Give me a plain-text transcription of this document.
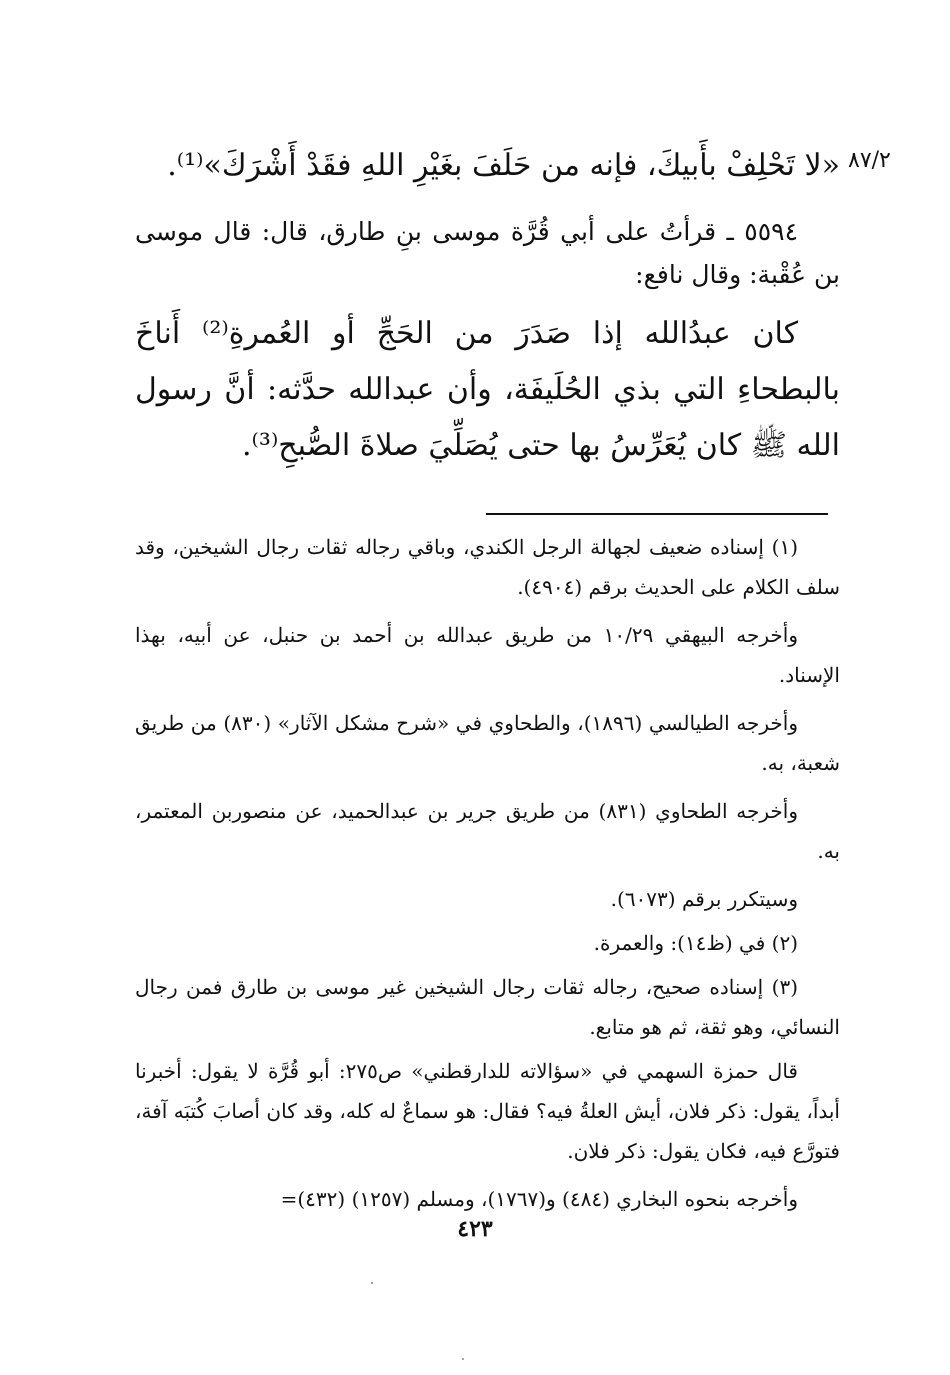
٨٧/٢
«لا تَحْلِفْ بأَبيكَ، فإنه من حَلَفَ بغَيْرِ اللهِ فقَدْ أَشْرَكَ»⁽¹⁾.
٥٥٩٤ ـ قرأتُ على أبي قُرَّة موسى بنِ طارق، قال: قال موسى بن عُقْبة: وقال نافع:
كان عبدُالله إذا صَدَرَ من الحَجِّ أو العُمرةِ⁽²⁾ أَناخَ بالبطحاءِ التي بذي الحُلَيفَة، وأن عبدالله حدَّثه: أنَّ رسول الله ﷺ كان يُعَرِّسُ بها حتى يُصَلِّيَ صلاةَ الصُّبحِ⁽³⁾.

(١) إسناده ضعيف لجهالة الرجل الكندي، وباقي رجاله ثقات رجال الشيخين، وقد سلف الكلام على الحديث برقم (٤٩٠٤).

وأخرجه البيهقي ١٠/٢٩ من طريق عبدالله بن أحمد بن حنبل، عن أبيه، بهذا الإسناد.

وأخرجه الطيالسي (١٨٩٦)، والطحاوي في «شرح مشكل الآثار» (٨٣٠) من طريق شعبة، به.

وأخرجه الطحاوي (٨٣١) من طريق جرير بن عبدالحميد، عن منصوربن المعتمر، به.

وسيتكرر برقم (٦٠٧٣).

(٢) في (ظ١٤): والعمرة.

(٣) إسناده صحيح، رجاله ثقات رجال الشيخين غير موسى بن طارق فمن رجال النسائي، وهو ثقة، ثم هو متابع.

قال حمزة السهمي في «سؤالاته للدارقطني» ص٢٧٥: أبو قُرَّة لا يقول: أخبرنا أبداً، يقول: ذكر فلان، أيش العلةُ فيه؟ فقال: هو سماعٌ له كله، وقد كان أصابَ كُتبَه آفة، فتورَّع فيه، فكان يقول: ذكر فلان.

وأخرجه بنحوه البخاري (٤٨٤) و(١٧٦٧)، ومسلم (١٢٥٧) (٤٣٢)=

٤٢٣
